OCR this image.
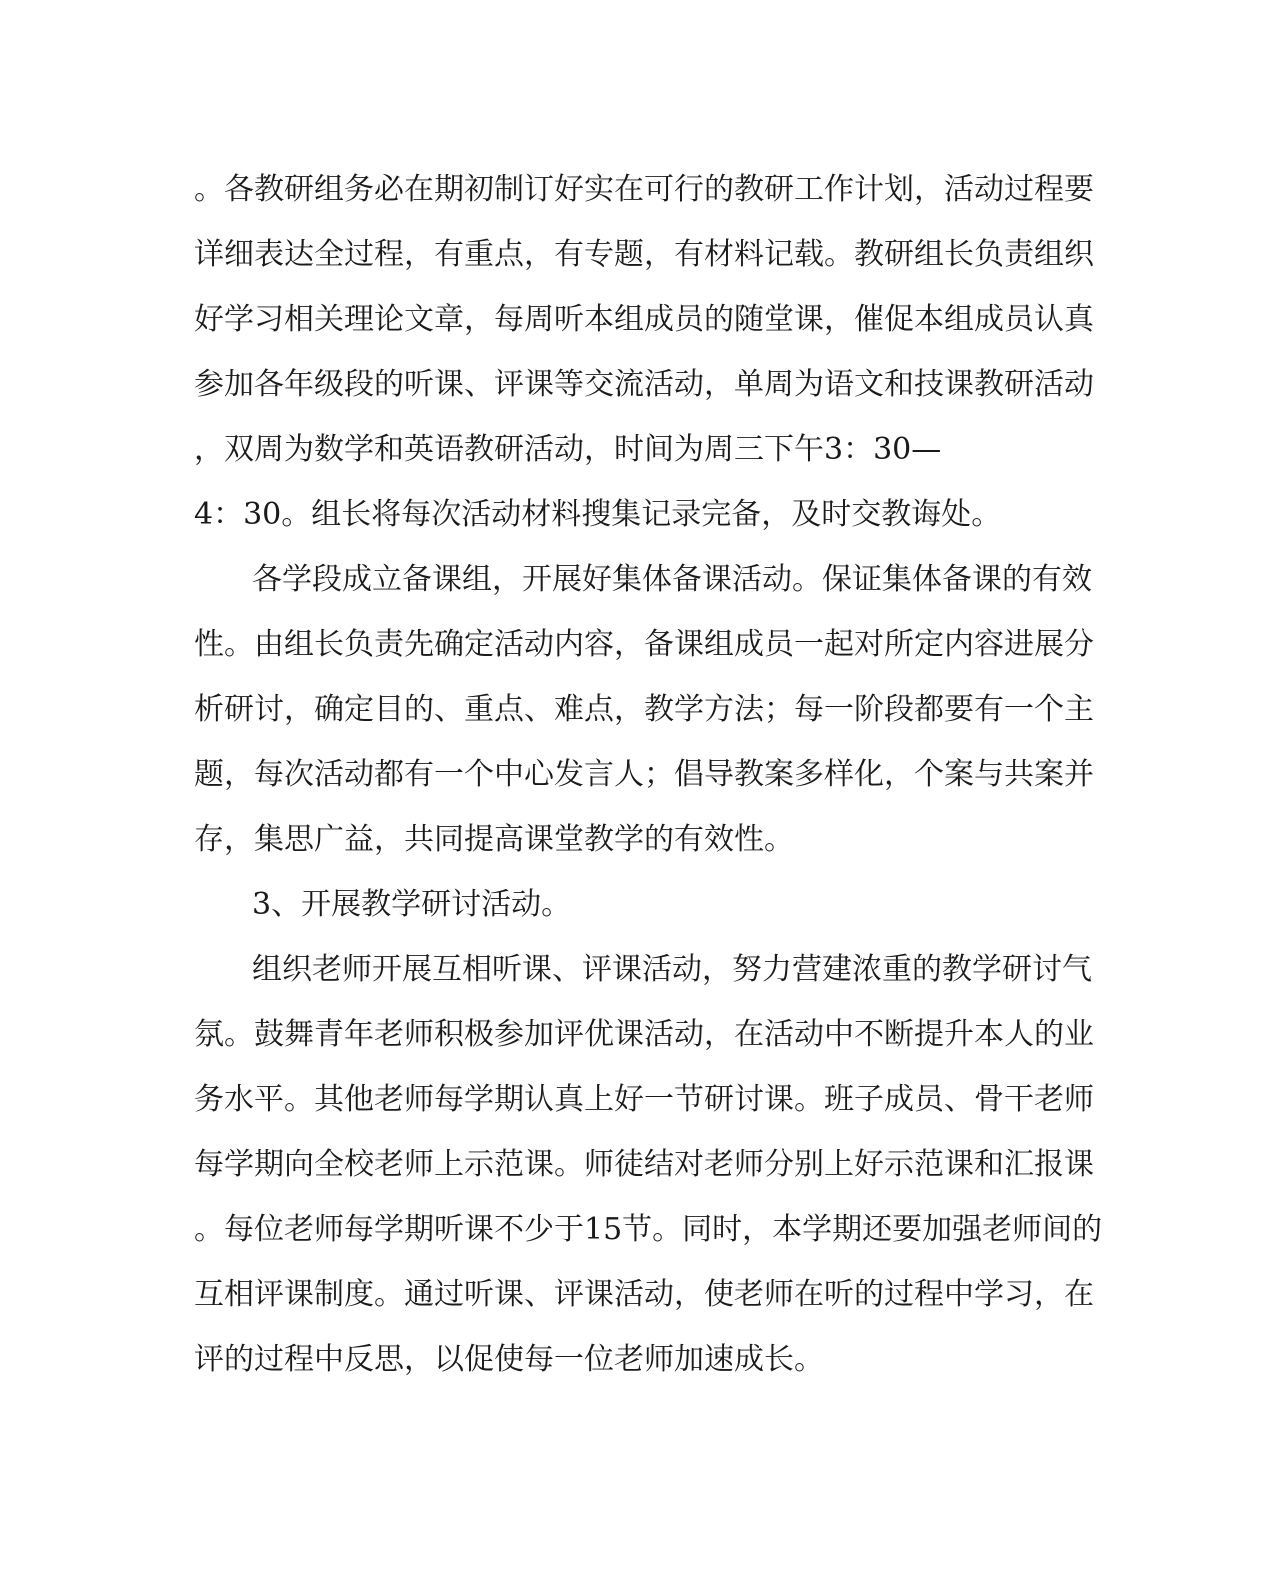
。各教研组务必在期初制订好实在可行的教研工作计划，活动过程要
详细表达全过程，有重点，有专题，有材料记载。教研组长负责组织
好学习相关理论文章，每周听本组成员的随堂课，催促本组成员认真
参加各年级段的听课、评课等交流活动，单周为语文和技课教研活动
，双周为数学和英语教研活动，时间为周三下午3：30—
4：30。组长将每次活动材料搜集记录完备，及时交教诲处。
各学段成立备课组，开展好集体备课活动。保证集体备课的有效
性。由组长负责先确定活动内容，备课组成员一起对所定内容进展分
析研讨，确定目的、重点、难点，教学方法；每一阶段都要有一个主
题，每次活动都有一个中心发言人；倡导教案多样化，个案与共案并
存，集思广益，共同提高课堂教学的有效性。
3、开展教学研讨活动。
组织老师开展互相听课、评课活动，努力营建浓重的教学研讨气
氛。鼓舞青年老师积极参加评优课活动，在活动中不断提升本人的业
务水平。其他老师每学期认真上好一节研讨课。班子成员、骨干老师
每学期向全校老师上示范课。师徒结对老师分别上好示范课和汇报课
。每位老师每学期听课不少于15节。同时，本学期还要加强老师间的
互相评课制度。通过听课、评课活动，使老师在听的过程中学习，在
评的过程中反思，以促使每一位老师加速成长。
